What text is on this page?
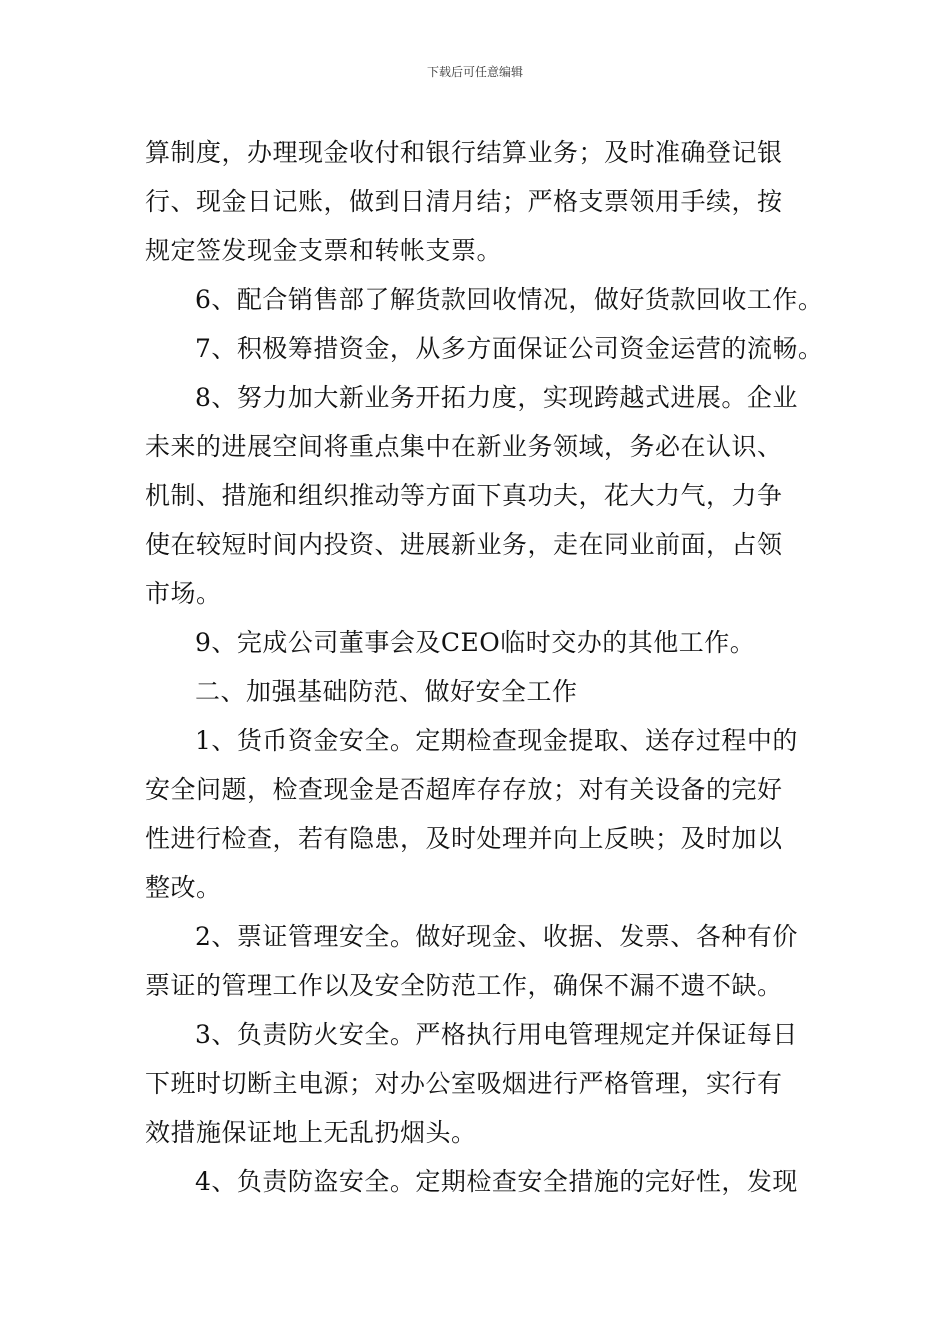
下载后可任意编辑

算制度，办理现金收付和银行结算业务；及时准确登记银
行、现金日记账，做到日清月结；严格支票领用手续，按
规定签发现金支票和转帐支票。

6、配合销售部了解货款回收情况，做好货款回收工作。

7、积极筹措资金，从多方面保证公司资金运营的流畅。

8、努力加大新业务开拓力度，实现跨越式进展。企业
未来的进展空间将重点集中在新业务领域，务必在认识、
机制、措施和组织推动等方面下真功夫，花大力气，力争
使在较短时间内投资、进展新业务，走在同业前面，占领
市场。

9、完成公司董事会及CEO临时交办的其他工作。

二、加强基础防范、做好安全工作

1、货币资金安全。定期检查现金提取、送存过程中的
安全问题，检查现金是否超库存存放；对有关设备的完好
性进行检查，若有隐患，及时处理并向上反映；及时加以
整改。

2、票证管理安全。做好现金、收据、发票、各种有价
票证的管理工作以及安全防范工作，确保不漏不遗不缺。

3、负责防火安全。严格执行用电管理规定并保证每日
下班时切断主电源；对办公室吸烟进行严格管理，实行有
效措施保证地上无乱扔烟头。

4、负责防盗安全。定期检查安全措施的完好性，发现
